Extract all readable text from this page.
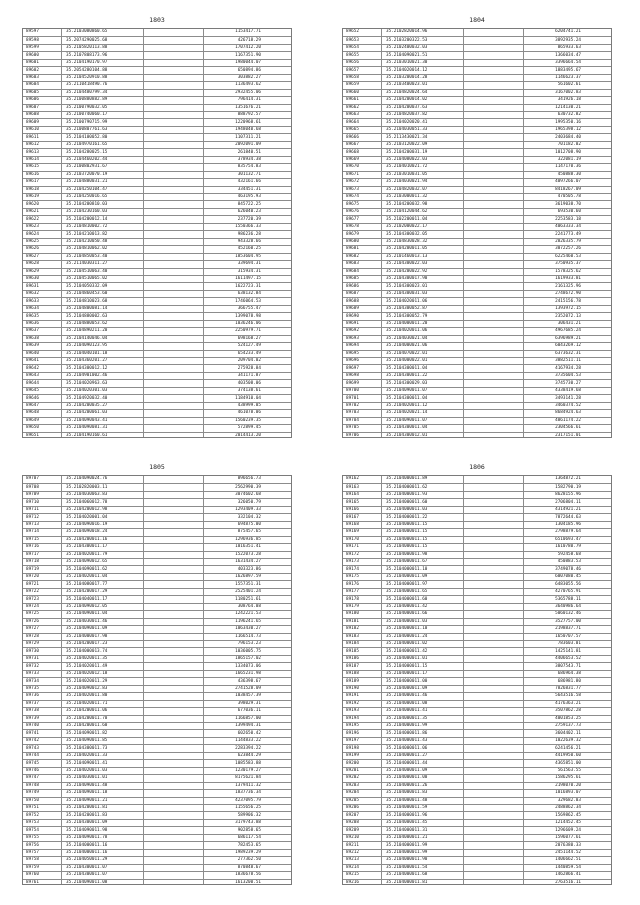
1803
89597	35.2103080860.65	1153417.71
89598	35.2074290025.68	426718.29
89599	35.2105820113.88	1707412.20
89600	35.2107808173.96	1167351.90
89601	35.2104190170.97	1980044.07
89602	35.2054280104.88	650894.86
89603	35.2104520910.88	303882.27
89604	35.2110418490.76	1136493.62
89605	35.2104480799.34	2932455.06
89606	35.2100880882.89	796414.31
89607	35.2100790032.05	1351676.21
89608	35.2100740060.17	888792.57
89609	35.2100790715.99	1220968.61
89610	35.2100807761.63	1948040.68
89611	35.2104100052.80	1107311.21
89612	35.2104970161.65	2092091.09
89613	35.2104280025.15	261840.51
89614	35.2104460202.44	378934.38
89615	35.2100802931.67	835754.83
89616	35.2103720070.19	301132.71
89617	35.2104880031.21	432161.66
89618	35.2104250104.47	334451.31
89619	35.2104250016.65	463195.93
89620	35.2104200810.03	845722.25
89621	35.2104230160.03	626040.23
89622	35.2104200012.14	237720.39
89623	35.2104810002.72	1550366.33
89624	35.2104210013.82	986236.28
89625	35.2104210050.48	943328.66
89626	35.2104810062.02	452160.25
89627	35.2104850053.40	1853604.95
89628	35.2114030311.27	339694.31
89629	35.2104510063.40	315934.31
89630	35.2104510065.02	1611497.15
89631	35.2104050332.09	1622723.31
89632	35.2104860453.60	638132.84
89633	35.2104810023.68	1746064.53
89634	35.2104800081.14	366755.47
89635	35.2104880002.63	1399078.98
89636	35.2104880053.62	1036246.06
89637	35.2104890211.20	2250979.71
89638	35.2104140046.04	698168.27
89639	35.2104090123.95	524127.49
89640	35.2104040101.18	654233.49
89641	35.2104360201.27	209704.02
89642	35.2104300012.12	275928.84
89643	35.2104901002.46	341171.87
89644	35.2104020963.63	403508.06
89645	35.2104020301.03	374138.61
89646	35.2104920032.40	1184910.04
89647	35.2104200035.27	438999.05
89648	35.2104200061.03	461078.06
89649	35.2104090043.41	1560239.35
89650	35.2104090081.31	572899.45
89651	35.2104190160.61	2014413.20
1804
89652	35.2102820014.96	6204741.21
89653	35.2103200322.53	3892935.24
89654	35.2102400032.03	865933.63
89655	35.2104090021.51	1366034.47
89656	35.2103010021.30	3396664.54
89657	35.2104020014.12	1883495.67
89658	35.2103200014.28	1146623.37
89659	35.2103400023.01	561602.61
89660	35.2104820024.64	3167002.83
89661	35.2104200014.02	341926.18
89662	35.2104200037.63	1214130.21
89663	35.2104820037.82	630732.82
89664	35.2104020020.41	1995350.16
89665	35.2104030051.33	1965398.12
89666	35.2113430021.34	2403684.40
89667	35.2103120022.09	701182.02
89668	35.2104200031.19	1012708.90
89669	35.2104080022.03	322081.19
89670	35.2104010021.72	1147170.36
89671	35.2103010031.05	450888.30
89672	35.2104030021.94	4097266.07
89673	35.2104820032.07	8418267.09
89674	35.2103000011.32	470505.78
89675	35.2104200032.98	3619038.70
89676	35.2104120044.62	693530.60
89677	35.2102200011.04	2253583.18
89678	35.2102000022.17	4063333.34
89679	35.2104300032.05	2241773.49
89680	35.2104830028.32	2826335.79
89681	35.2104200011.05	3072257.26
89682	35.2101460013.13	6225460.53
89683	35.2104300022.03	3750935.37
89684	35.2104200022.92	1578325.62
89685	35.2104300017.90	1619933.81
89686	35.2104300023.01	2161325.96
89687	35.2104300031.03	2748672.90
89688	35.2104020011.06	2415156.78
89689	35.2104300052.87	1393972.15
89690	35.2104300052.79	2352072.13
89691	35.2104000011.20	306431.21
89692	35.2104020011.06	4967685.24
89693	35.2104030021.04	6396989.21
89694	35.2104000021.06	6043269.12
89695	35.2104070022.01	6373632.31
89696	35.2104000022.01	3882511.11
89697	35.2104300011.04	4167934.28
89698	35.2104300011.22	3735604.53
89699	35.2104300029.03	3745730.27
89700	35.2104090011.07	4338419.68
89701	35.2104300011.04	3493141.28
89702	35.2104020011.12	3460374.52
89703	35.2104020021.14	8684924.63
89704	35.2104090011.07	4861174.22
89705	35.2104300011.04	2304566.61
89706	35.2104300012.01	2317151.01
1805
89707	35.2104090024.76	896656.73
89708	35.2102820003.11	2562990.39
89709	35.2104030063.83	3074602.68
89710	35.2104060012.78	326050.79
89711	35.2104200012.98	1293409.33
89712	35.2104020001.04	332104.32
89713	35.2104090016.19	694875.00
89714	35.2104090018.24	875457.65
89715	35.2104200011.16	1296936.85
89716	35.2104300011.17	1016351.41
89717	35.2104020011.79	1522073.28
89718	35.2104090012.65	1631434.27
89719	35.2104090011.62	403323.86
89720	35.2104020011.04	1626897.59
89721	35.2104080017.77	1557351.31
89722	35.2104200017.29	2525401.24
89723	35.2104040011.17	1180251.61
89724	35.2104090012.05	308764.08
89725	35.2104090011.04	1242221.53
89726	35.2104030011.46	1196241.65
89727	35.2104090011.09	1063430.27
89728	35.2104000017.98	1166514.73
89729	35.2104200017.23	796153.23
89730	35.2104000013.74	1036005.75
89731	35.2104020011.35	1865157.02
89732	35.2104020011.49	1334073.06
89733	35.2104020012.18	1665231.98
89734	35.2104020011.29	436398.67
89735	35.2104090012.83	2741528.09
89736	35.2104020011.80	1038457.39
89737	35.2104020011.71	398029.31
89738	35.2104200011.06	677036.11
89739	35.2104200011.70	1166857.00
89740	35.2104200011.60	1399494.31
89741	35.2104090011.82	602650.42
89742	35.2104090011.85	1144833.22
89743	35.2104300011.73	2283394.22
89744	35.2104020011.33	623844.29
89745	35.2104090011.41	1085583.88
89746	35.2104020011.03	1230179.27
89747	35.2104030011.01	8175621.84
89748	35.2104090011.48	1379411.32
89749	35.2104090011.18	1837736.34
89750	35.2104090011.21	4237095.79
89751	35.2104200011.81	1155656.25
89752	35.2104200011.83	589906.32
89753	35.2104300011.09	3179743.88
89754	35.2104090011.98	902858.65
89755	35.2104090011.78	686117.54
89756	35.2104000011.16	782453.65
89757	35.2104000011.16	1989239.29
89758	35.2104050011.29	277362.50
89759	35.2104300011.07	870848.67
89760	35.2104300011.07	1836678.56
89761	35.2104090011.08	1613200.51
1806
89162	35.2104000011.89	1364872.21
89163	35.2104000011.62	1582790.19
89164	35.2104000011.93	8628155.96
89165	35.2104000011.60	2706804.11
89166	35.2104000011.03	4314921.21
89167	35.2104000011.22	7872644.63
89168	35.2104000011.15	1304185.96
89169	35.2104000011.15	2798879.64
89170	35.2104000011.15	6510693.47
89171	35.2104000011.15	1610780.79
89172	35.2104000011.98	592458.68
89173	35.2104000011.67	450883.53
89174	35.2104000011.10	3749078.46
89175	35.2104000011.09	6007080.45
89176	35.2104000011.97	6483055.56
89177	35.2104000011.65	4270765.91
89178	35.2104000011.60	5365788.11
89179	35.2104000011.42	3640986.64
89180	35.2104000011.66	5060132.46
89181	35.2104000011.03	3527757.00
89182	35.2104000011.10	2198837.71
89183	35.2104000011.24	1650707.57
89184	35.2104000011.02	783603.01
89185	35.2104000011.42	1425141.81
89186	35.2104000011.01	4406653.52
89187	35.2104000011.15	3807543.71
89188	35.2104000011.17	686964.38
89189	35.2104000011.00	686981.80
89190	35.2104000011.09	7826831.77
89191	35.2104000011.46	5643516.58
89192	35.2104000011.08	4176363.21
89193	35.2104000011.41	3507862.28
89194	35.2104000011.35	4001853.25
89195	35.2104000011.99	2759137.73
89196	35.2104000011.86	3604402.11
89197	35.2104000011.43	1022639.32
89198	35.2104000011.06	6241456.21
89199	35.2104000011.27	4419950.60
89200	35.2104000011.44	4365851.00
89201	35.2104000011.09	561563.55
89202	35.2104000011.00	1586295.61
89203	35.2104000011.26	2198070.20
89204	35.2104000011.83	1016893.07
89205	35.2104000011.48	329682.03
89206	35.2104000011.59	2488862.34
89207	35.2104000011.96	1569862.45
89208	35.2104000011.45	1214452.45
89209	35.2104000011.31	1296609.24
89210	35.2104000011.21	1596077.61
89211	35.2104000011.99	2076380.33
89212	35.2104000011.99	2451144.52
89213	35.2104000011.90	1406662.51
89214	35.2104000011.54	1440859.54
89215	35.2104000011.68	1462866.41
89216	35.2104000011.81	2763516.11
